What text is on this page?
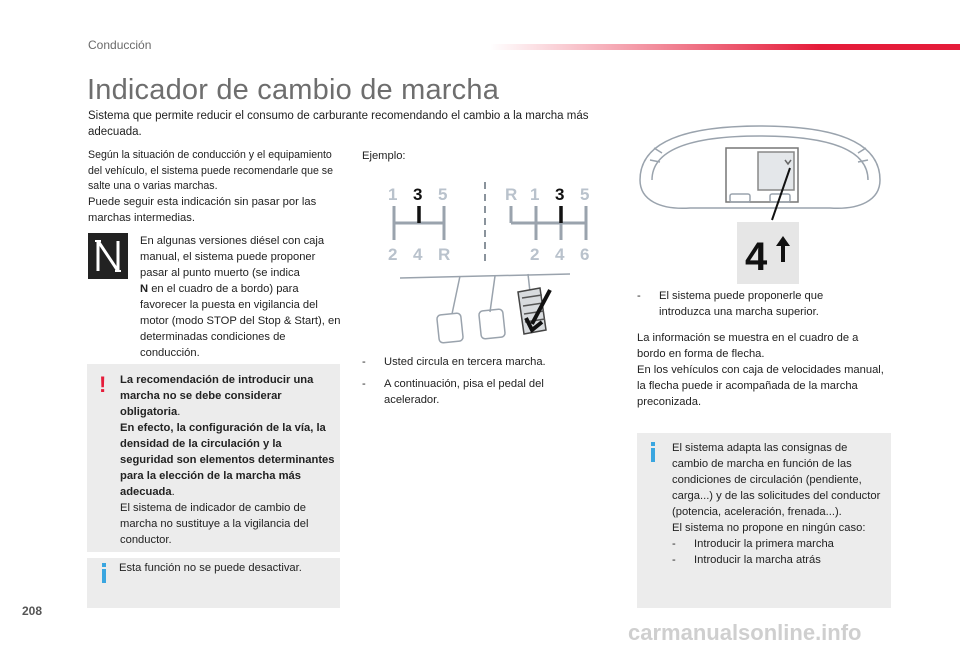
Conducción
Indicador de cambio de marcha
Sistema que permite reducir el consumo de carburante recomendando el cambio a la marcha más adecuada.
Según la situación de conducción y el equipamiento del vehículo, el sistema puede recomendarle que se salte una o varias marchas.
Puede seguir esta indicación sin pasar por las marchas intermedias.
En algunas versiones diésel con caja manual, el sistema puede proponer pasar al punto muerto (se indica
N en el cuadro de a bordo) para favorecer la puesta en vigilancia del motor (modo STOP del Stop & Start), en determinadas condiciones de conducción.
! La recomendación de introducir una marcha no se debe considerar obligatoria.
En efecto, la configuración de la vía, la densidad de la circulación y la seguridad son elementos determinantes para la elección de la marcha más adecuada.
El sistema de indicador de cambio de marcha no sustituye a la vigilancia del conductor.
Esta función no se puede desactivar.
Ejemplo:
1 3 5
2 4 R
R 1 3 5
2 4 6
-	Usted circula en tercera marcha.
-	A continuación, pisa el pedal del acelerador.
4
-	El sistema puede proponerle que introduzca una marcha superior.
La información se muestra en el cuadro de a bordo en forma de flecha.
En los vehículos con caja de velocidades manual, la flecha puede ir acompañada de la marcha preconizada.
El sistema adapta las consignas de cambio de marcha en función de las condiciones de circulación (pendiente, carga...) y de las solicitudes del conductor (potencia, aceleración, frenada...).
El sistema no propone en ningún caso:
-	Introducir la primera marcha
-	Introducir la marcha atrás
208
carmanualsonline.info
